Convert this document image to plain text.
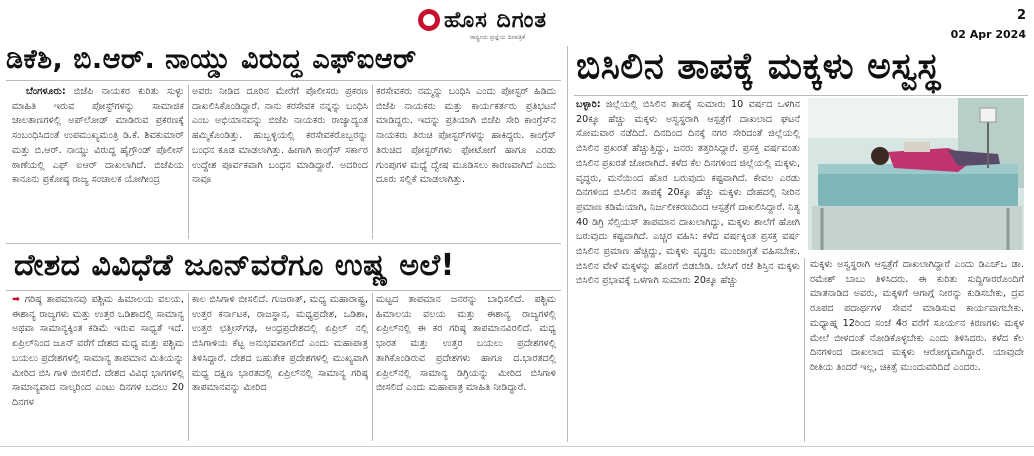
ಹೊಸ ದಿಗಂತ
ರಾಷ್ಟ್ರೀಯ ಪ್ರಜ್ಞೆಯ ದಿನಪತ್ರಿಕೆ
2
02 Apr 2024
ಡಿಕೆಶಿ, ಬಿ.ಆರ್. ನಾಯ್ಡು ವಿರುದ್ಧ ಎಫ್ಐಆರ್

ಬೆಂಗಳೂರು: ಬಿಜೆಪಿ ನಾಯಕರ ಕುರಿತು ಸುಳ್ಳು ಮಾಹಿತಿ ಇರುವ ಪೋಸ್ಟ್‌ಗಳನ್ನು ಸಾಮಾಜಿಕ ಜಾಲತಾಣಗಳಲ್ಲಿ ಅಪ್‌ಲೋಡ್ ಮಾಡಿರುವ ಪ್ರಕರಣಕ್ಕೆ ಸಂಬಂಧಿಸಿದಂತೆ ಉಪಮುಖ್ಯಮಂತ್ರಿ ಡಿ.ಕೆ. ಶಿವಕುಮಾರ್ ಮತ್ತು ಬಿ.ಆರ್. ನಾಯ್ಡು ವಿರುದ್ಧ ಹೈಗ್ರೌಂಡ್ ಪೊಲೀಸ್ ಠಾಣೆಯಲ್ಲಿ ಎಫ್ ಐಆರ್ ದಾಖಲಾಗಿದೆ. ಬಿಜೆಪಿಯ ಕಾನೂನು ಪ್ರಕೋಷ್ಠ ರಾಜ್ಯ ಸಂಚಾಲಕ ಯೋಗೀಂದ್ರ

ಅವರು ನೀಡಿದ ದೂರಿನ ಮೇರೆಗೆ ಪೊಲೀಸರು ಪ್ರಕರಣ ದಾಖಲಿಸಿಕೊಂಡಿದ್ದಾರೆ. ನಾನು ಕರಸೇವಕ ನನ್ನನ್ನು ಬಂಧಿಸಿ ಎಂಬ ಅಭಿಯಾನವನ್ನು ಬಿಜೆಪಿ ನಾಯಕರು ರಾಜ್ಯಾದ್ಯಂತ ಹಮ್ಮಿಕೊಂಡಿತ್ತು. ಹುಬ್ಬಳ್ಳಿಯಲ್ಲಿ ಕರಸೇವಕರೊಬ್ಬರನ್ನು ಬಂಧನ ಕೂಡ ಮಾಡಲಾಗಿತ್ತು. ಹೀಗಾಗಿ ಕಾಂಗ್ರೆಸ್ ಸರ್ಕಾರ ಉದ್ದೇಶ ಪೂರ್ವಕವಾಗಿ ಬಂಧನ ಮಾಡಿದ್ದಾರೆ. ಅದರಿಂದ ನಾವೂ
ಕರಸೇವಕರು ನಮ್ಮನ್ನು ಬಂಧಿಸಿ ಎಂದು ಪೋಸ್ಟರ್ ಹಿಡಿದು ಬಿಜೆಪಿ ನಾಯಕರು ಮತ್ತು ಕಾರ್ಯಕರ್ತರು ಪ್ರತಿಭಟನೆ ಮಾಡಿದ್ದರು. ಇದನ್ನು ಪ್ರತಿಯಾಗಿ ಬಿಜೆಪಿ ಸೇರಿ ಕಾಂಗ್ರೆಸ್‌ನ ನಾಯಕರು ತಿರುಚಿ ಪೋಸ್ಟರ್‌ಗಳನ್ನು ಹಾಕಿದ್ದರು. ಕಾಂಗ್ರೆಸ್ ತಿರುಚಿದ ಪೋಸ್ಟರ್‌ಗಳು ಫೋಟೋಗೆ ಹಾಗೂ ಎರಡು ಗುಂಪುಗಳ ಮಧ್ಯೆ ದ್ವೇಷ ಮೂಡಿಸಲು ಕಾರಣವಾಗಿದೆ ಎಂದು ದೂರು ಸಲ್ಲಿಕೆ ಮಾಡಲಾಗಿತ್ತು.
ದೇಶದ ವಿವಿಧೆಡೆ ಜೂನ್‌ವರೆಗೂ ಉಷ್ಣ ಅಲೆ!
➡ ಗರಿಷ್ಠ ತಾಪಮಾನವು ಪಶ್ಚಿಮ ಹಿಮಾಲಯ ವಲಯ, ಈಶಾನ್ಯ ರಾಜ್ಯಗಳು ಮತ್ತು ಉತ್ತರ ಒಡಿಶಾದಲ್ಲಿ ಸಾಮಾನ್ಯ ಅಥವಾ ಸಾಮಾನ್ಯಕ್ಕಿಂತ ಕಡಿಮೆ ಇರುವ ಸಾಧ್ಯತೆ ಇದೆ. ಏಪ್ರಿಲ್‌ನಿಂದ ಜೂನ್ ವರೆಗೆ ದೇಶದ ಮಧ್ಯ ಮತ್ತು ಪಶ್ಚಿಮ ಬಯಲು ಪ್ರದೇಶಗಳಲ್ಲಿ ಸಾಮಾನ್ಯ ತಾಪಮಾನ ಮಿತಿಯನ್ನು ಮೀರಿದ ಬಿಸಿ ಗಾಳಿ ಬೀಸಲಿದೆ. ದೇಶದ ವಿವಿಧ ಭಾಗಗಳಲ್ಲಿ ಸಾಮಾನ್ಯವಾದ ನಾಲ್ಕರಿಂದ ಎಂಟು ದಿನಗಳ ಬದಲು 20 ದಿನಗಳ
ಕಾಲ ಬಿಸಿಗಾಳಿ ಬೀಸಲಿದೆ. ಗುಜರಾತ್, ಮಧ್ಯ ಮಹಾರಾಷ್ಟ್ರ, ಉತ್ತರ ಕರ್ನಾಟಕ, ರಾಜಸ್ಥಾನ, ಮಧ್ಯಪ್ರದೇಶ, ಒಡಿಶಾ, ಉತ್ತರ ಛತ್ತೀಸ್‌ಗಢ, ಆಂಧ್ರಪ್ರದೇಶದಲ್ಲಿ ಏಪ್ರಿಲ್ ನಲ್ಲಿ ಬಿಸಿಗಾಳಿಯ ಕೆಟ್ಟ ಅನುಭವವಾಗಲಿದೆ ಎಂದು ಮಹಾಪಾತ್ರ ತಿಳಿಸಿದ್ದಾರೆ. ದೇಶದ ಬಹುತೇಕ ಪ್ರದೇಶಗಳಲ್ಲಿ ಮುಖ್ಯವಾಗಿ ಮಧ್ಯ ದಕ್ಷಿಣ ಭಾರತದಲ್ಲಿ ಏಪ್ರಿಲ್‌ನಲ್ಲಿ ಸಾಮಾನ್ಯ ಗರಿಷ್ಠ ತಾಪಮಾನವನ್ನು ಮೀರಿದ
ಮಟ್ಟದ ತಾಪಮಾನ ಜನರನ್ನು ಬಾಧಿಸಲಿದೆ. ಪಶ್ಚಿಮ ಹಿಮಾಲಯ ವಲಯ ಮತ್ತು ಈಶಾನ್ಯ ರಾಜ್ಯಗಳಲ್ಲಿ ಏಪ್ರಿಲ್‌ನಲ್ಲಿ ಈ ಕರ ಗರಿಷ್ಠ ತಾಪಮಾನವಿರಲಿದೆ. ಮಧ್ಯ ಭಾರತ ಮತ್ತು ಉತ್ತರ ಬಯಲು ಪ್ರದೇಶಗಳಲ್ಲಿ ತಾಗಿಕೊಂಡಿರುವ ಪ್ರದೇಶಗಳು ಹಾಗೂ ದ.ಭಾರತದಲ್ಲಿ ಏಪ್ರಿಲ್‌ನಲ್ಲಿ ಸಾಮಾನ್ಯ ಡಿಗ್ರಿಯನ್ನು ಮೀರಿದ ಬಿಸಿಗಾಳಿ ಬೀಸಲಿದೆ ಎಂದು ಮಹಾಪಾತ್ರ ಮಾಹಿತಿ ನೀಡಿದ್ದಾರೆ.
ಬಿಸಿಲಿನ ತಾಪಕ್ಕೆ ಮಕ್ಕಳು ಅಸ್ವಸ್ಥ
ಬಳ್ಳಾರಿ: ಜಿಲ್ಲೆಯಲ್ಲಿ ಬಿಸಿಲಿನ ತಾಪಕ್ಕೆ ಸುಮಾರು 10 ವರ್ಷದ ಒಳಗಿನ 20ಕ್ಕೂ ಹೆಚ್ಚು ಮಕ್ಕಳು ಅಸ್ವಸ್ಥರಾಗಿ ಆಸ್ಪತ್ರೆಗೆ ದಾಖಲಾದ ಘಟನೆ ಸೋಮವಾರ ನಡೆದಿದೆ. ದಿನದಿಂದ ದಿನಕ್ಕೆ ನಗರ ಸೇರಿದಂತೆ ಜಿಲ್ಲೆಯಲ್ಲಿ ಬಿಸಿಲಿನ ಪ್ರಖರತೆ ಹೆಚ್ಚುತ್ತಿದ್ದು, ಜನರು ತತ್ತರಿಸಿದ್ದಾರೆ. ಪ್ರಸಕ್ತ ವರ್ಷವಂತು ಬಿಸಿಲಿನ ಪ್ರಖರತೆ ಜೋರಾಗಿದೆ. ಕಳೆದ ಕೆಲ ದಿನಗಳಿಂದ ಜಿಲ್ಲೆಯಲ್ಲಿ ಮಕ್ಕಳು, ವೃದ್ಧರು, ಮನೆಯಿಂದ ಹೊರ ಬರುವುದು ಕಷ್ಟವಾಗಿದೆ. ಕೇವಲ ಎರಡು ದಿನಗಳಿಂದ ಬಿಸಿಲಿನ ತಾಪಕ್ಕೆ 20ಕ್ಕೂ ಹೆಚ್ಚು ಮಕ್ಕಳು ದೇಹದಲ್ಲಿ ನೀರಿನ ಪ್ರಮಾಣ ಕಡಿಮೆಯಾಗಿ, ನಿರ್ಜಲೀಕರಣದಿಂದ ಆಸ್ಪತ್ರೆಗೆ ದಾಖಲಿಸಿದ್ದಾರೆ. ನಿತ್ಯ 40 ಡಿಗ್ರಿ ಸೆಲ್ಸಿಯಸ್ ತಾಪಮಾನ ದಾಖಲಾಗಿದ್ದು, ಮಕ್ಕಳು ಶಾಲೆಗೆ ಹೋಗಿ ಬರುವುದು ಕಷ್ಟವಾಗಿದೆ. ಎಚ್ಚರ ವಹಿಸಿ: ಕಳೆದ ವರ್ಷಕ್ಕಿಂತ ಪ್ರಸಕ್ತ ವರ್ಷ ಬಿಸಿಲಿನ ಪ್ರಮಾಣ ಹೆಚ್ಚಿದ್ದು, ಮಕ್ಕಳು ವೃದ್ಧರು ಮುಂಜಾಗ್ರತೆ ವಹಿಸಬೇಕು. ಬಿಸಿಲಿನ ವೇಳೆ ಮಕ್ಕಳನ್ನು ಹೊರಗೆ ಬಿಡಬೇಡಿ. ಬೇಸಿಗೆ ರಜೆ ಶಿಸ್ತಿನ ಮಕ್ಕಳು ಬಿಸಿಲಿನ ಪ್ರಭಾವಕ್ಕೆ ಒಳಗಾಗಿ ಸುಮಾರು 20ಕ್ಕೂ ಹೆಚ್ಚು
ಮಕ್ಕಳು ಅಸ್ವಸ್ಥರಾಗಿ ಆಸ್ಪತ್ರೆಗೆ ದಾಖಲಾಗಿದ್ದಾರೆ ಎಂದು ಡಿಎಚ್‌ಒ ಡಾ. ರಮೇಶ್ ಬಾಬು ತಿಳಿಸಿದರು. ಈ ಕುರಿತು ಸುದ್ದಿಗಾರರೊಂದಿಗೆ ಮಾತನಾಡಿದ ಅವರು, ಮಕ್ಕಳಿಗೆ ಆಗಾಗ್ಗೆ ನೀರನ್ನು ಕುಡಿಸಬೇಕು, ದ್ರವ ರೂಪದ ಪದಾರ್ಥಗಳ ಸೇವನೆ ಮಾಡಿಸುವ ಕಾರ್ಯವಾಗಬೇಕು. ಮಧ್ಯಾಹ್ನ 12ರಿಂದ ಸಂಜೆ 4ರ ವರೆಗೆ ಸೂರ್ಯನ ಕಿರಣಗಳು ಮಕ್ಕಳ ಮೇಲೆ ಬೀಳದಂತೆ ನೋಡಿಕೊಳ್ಳಬೇಕು ಎಂದು ತಿಳಿಸಿದರು. ಕಳೆದ ಕೆಲ ದಿನಗಳಿಂದ ದಾಖಲಾದ ಮಕ್ಕಳು ಆರೋಗ್ಯವಾಗಿದ್ದಾರೆ. ಯಾವುದೇ ರೀತಿಯ ತಿಂದರೆ ಇಲ್ಲ, ಚಿಕಿತ್ಸೆ ಮುಂದುವರಿದಿದೆ ಎಂದರು.
